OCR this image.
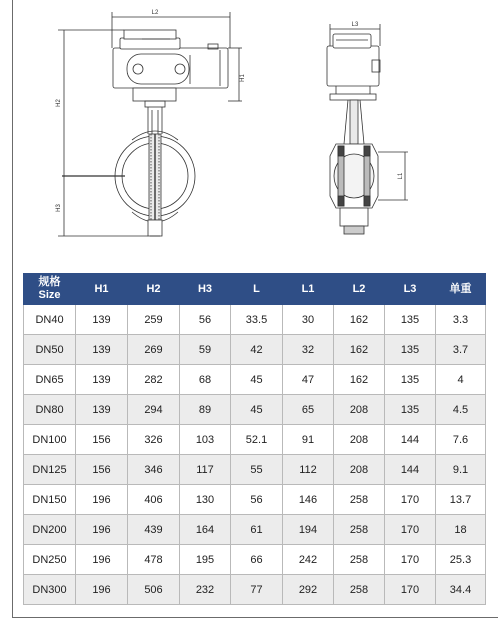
L2
H1
H2
H3
L3
L1
规格
Size	H1	H2	H3	L	L1	L2	L3	单重
DN40	139	259	56	33.5	30	162	135	3.3
DN50	139	269	59	42	32	162	135	3.7
DN65	139	282	68	45	47	162	135	4
DN80	139	294	89	45	65	208	135	4.5
DN100	156	326	103	52.1	91	208	144	7.6
DN125	156	346	117	55	112	208	144	9.1
DN150	196	406	130	56	146	258	170	13.7
DN200	196	439	164	61	194	258	170	18
DN250	196	478	195	66	242	258	170	25.3
DN300	196	506	232	77	292	258	170	34.4
